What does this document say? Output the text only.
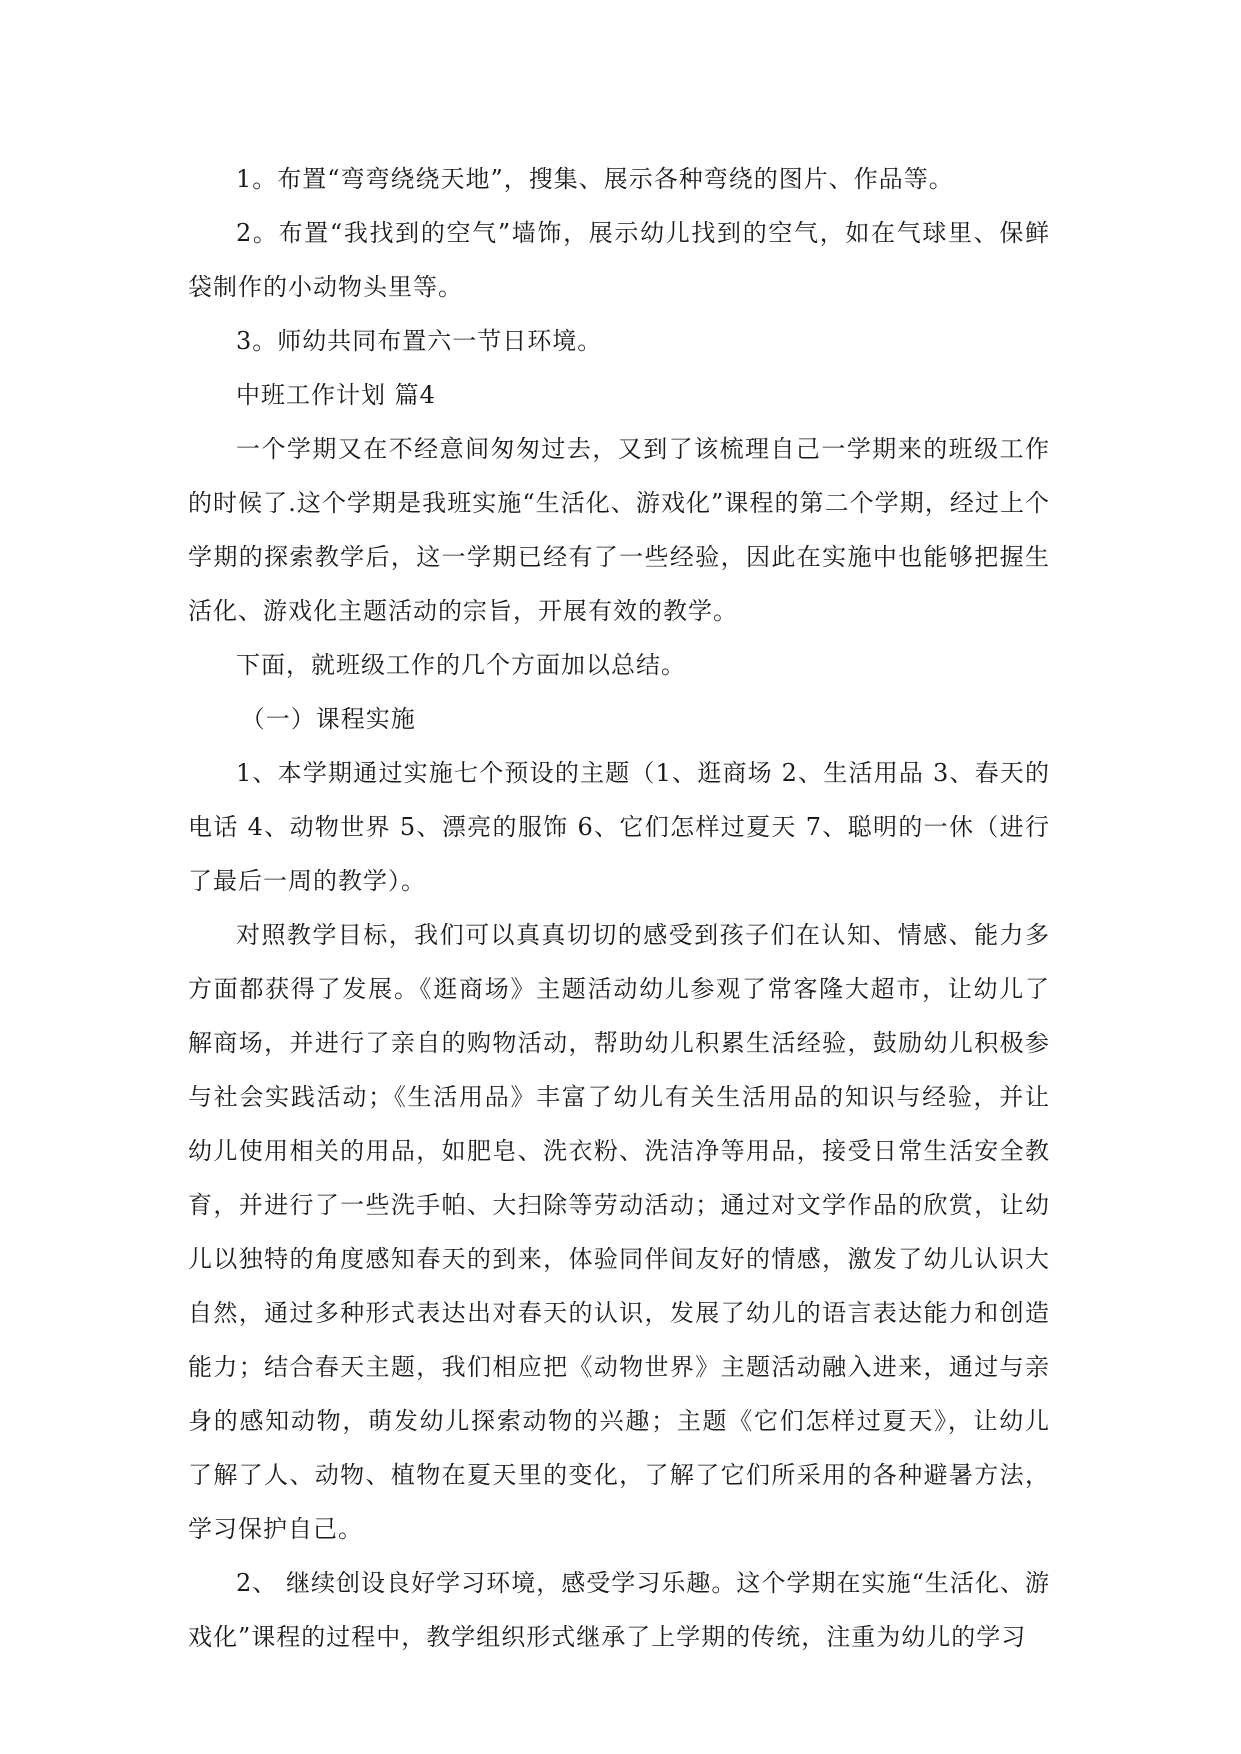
1。布置“弯弯绕绕天地”，搜集、展示各种弯绕的图片、作品等。

2。布置“我找到的空气”墙饰，展示幼儿找到的空气，如在气球里、保鲜袋制作的小动物头里等。

3。师幼共同布置六一节日环境。

中班工作计划 篇4

一个学期又在不经意间匆匆过去，又到了该梳理自己一学期来的班级工作的时候了.这个学期是我班实施“生活化、游戏化”课程的第二个学期，经过上个学期的探索教学后，这一学期已经有了一些经验，因此在实施中也能够把握生活化、游戏化主题活动的宗旨，开展有效的教学。

下面，就班级工作的几个方面加以总结。

（一）课程实施

1、本学期通过实施七个预设的主题（1、逛商场 2、生活用品 3、春天的电话 4、动物世界 5、漂亮的服饰 6、它们怎样过夏天 7、聪明的一休（进行了最后一周的教学）。

对照教学目标，我们可以真真切切的感受到孩子们在认知、情感、能力多方面都获得了发展。《逛商场》主题活动幼儿参观了常客隆大超市，让幼儿了解商场，并进行了亲自的购物活动，帮助幼儿积累生活经验，鼓励幼儿积极参与社会实践活动；《生活用品》丰富了幼儿有关生活用品的知识与经验，并让幼儿使用相关的用品，如肥皂、洗衣粉、洗洁净等用品，接受日常生活安全教育，并进行了一些洗手帕、大扫除等劳动活动；通过对文学作品的欣赏，让幼儿以独特的角度感知春天的到来，体验同伴间友好的情感，激发了幼儿认识大自然，通过多种形式表达出对春天的认识，发展了幼儿的语言表达能力和创造能力；结合春天主题，我们相应把《动物世界》主题活动融入进来，通过与亲身的感知动物，萌发幼儿探索动物的兴趣；主题《它们怎样过夏天》，让幼儿了解了人、动物、植物在夏天里的变化，了解了它们所采用的各种避暑方法，学习保护自己。

2、 继续创设良好学习环境，感受学习乐趣。这个学期在实施“生活化、游戏化”课程的过程中，教学组织形式继承了上学期的传统，注重为幼儿的学习
